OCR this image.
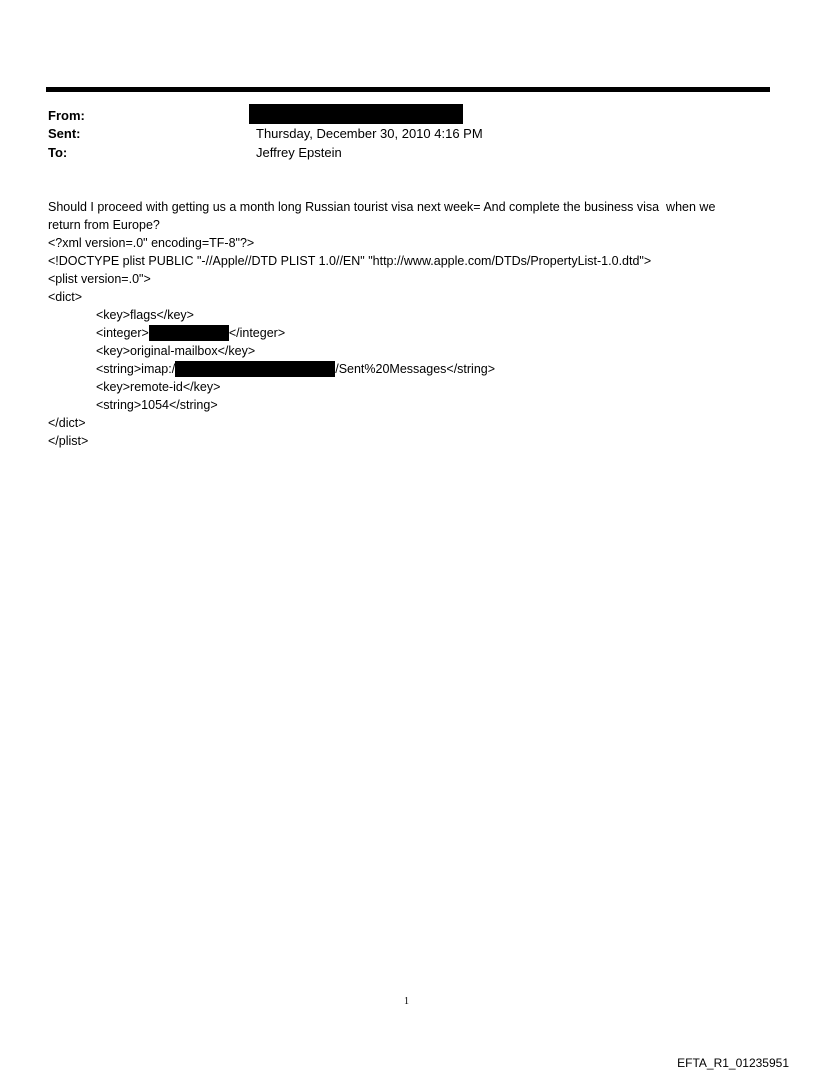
From:
Sent:	Thursday, December 30, 2010 4:16 PM
To:	Jeffrey Epstein
Should I proceed with getting us a month long Russian tourist visa next week= And complete the business visa  when we
return from Europe?
<?xml version=.0" encoding=TF-8"?>
<!DOCTYPE plist PUBLIC "-//Apple//DTD PLIST 1.0//EN" "http://www.apple.com/DTDs/PropertyList-1.0.dtd">
<plist version=.0">
<dict>
<key>flags</key>
<integer>	</integer>
<key>original-mailbox</key>
<string>imap:/	/Sent%20Messages</string>
<key>remote-id</key>
<string>1054</string>
</dict>
</plist>
1
EFTA_R1_01235951
